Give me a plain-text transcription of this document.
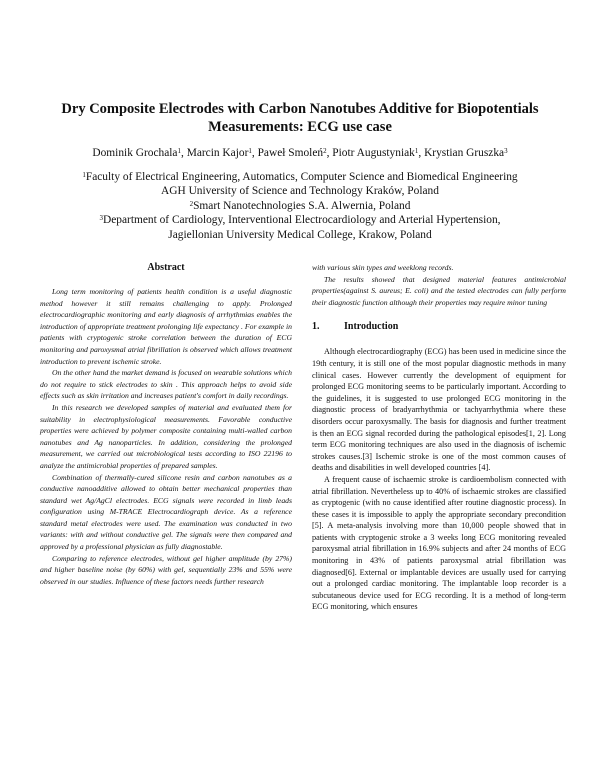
Dry Composite Electrodes with Carbon Nanotubes Additive for Biopotentials
Measurements: ECG use case
Dominik Grochala$^1$, Marcin Kajor$^1$, Paweł Smoleń$^2$, Piotr Augustyniak$^1$, Krystian Gruszka$^3$
$^1$Faculty of Electrical Engineering, Automatics, Computer Science and Biomedical Engineering
AGH University of Science and Technology Kraków, Poland
$^2$Smart Nanotechnologies S.A. Alwernia, Poland
$^3$Department of Cardiology, Interventional Electrocardiology and Arterial Hypertension,
Jagiellonian University Medical College, Krakow, Poland
Abstract

Long term monitoring of patients health condition is a useful diagnostic method however it still remains challenging to apply. Prolonged electrocardiographic monitoring and early diagnosis of arrhythmias enables the introduction of appropriate treatment prolonging life expectancy . For example in patients with cryptogenic stroke correlation between the duration of ECG monitoring and paroxysmal atrial fibrillation is observed which allows treatment introduction to prevent ischemic stroke.

On the other hand the market demand is focused on wearable solutions which do not require to stick electrodes to skin . This approach helps to avoid side effects such as skin irritation and increases patient's comfort in daily recordings.

In this research we developed samples of material and evaluated them for suitability in electrophysiological measurements. Favorable conductive properties were achieved by polymer composite containing multi-walled carbon nanotubes and Ag nanoparticles. In addition, considering the prolonged measurement, we carried out microbiological tests according to ISO 22196 to analyze the antimicrobial properties of prepared samples.

Combination of thermally-cured silicone resin and carbon nanotubes as a conductive nanoadditive allowed to obtain better mechanical properties than standard wet Ag/AgCl electrodes. ECG signals were recorded in limb leads configuration using M-TRACE Electrocardiograph device. As a reference standard metal electrodes were used. The examination was conducted in two variants: with and without conductive gel. The signals were then compared and approved by a professional physician as fully diagnostable.

Comparing to reference electrodes, without gel higher amplitude (by 27%) and higher baseline noise (by 60%) with gel, sequentially 23% and 55% were observed in our studies. Influence of these factors needs further research

with various skin types and weeklong records.

The results showed that designed material features antimicrobial properties(against S. aureus; E. coli) and the tested electrodes can fully perform their diagnostic function although their properties may require minor tuning

1.	Introduction

Although electrocardiography (ECG) has been used in medicine since the 19th century, it is still one of the most popular diagnostic methods in many clinical cases. However currently the development of equipment for prolonged ECG monitoring seems to be particularly important. According to the guidelines, it is suggested to use prolonged ECG monitoring in the diagnostic process of bradyarrhythmia or tachyarrhythmia where these disorders occur paroxysmally. The basis for diagnosis and further treatment is then an ECG signal recorded during the pathological episodes[1, 2]. Long term ECG monitoring techniques are also used in the diagnosis of ischemic strokes causes.[3] Ischemic stroke is one of the most common causes of deaths and disabilities in well developed countries [4].

A frequent cause of ischaemic stroke is cardioembolism connected with atrial fibrillation. Nevertheless up to 40% of ischaemic strokes are classified as cryptogenic (with no cause identified after routine diagnostic process). In these cases it is impossible to apply the appropriate secondary precondition [5]. A meta-analysis involving more than 10,000 people showed that in patients with cryptogenic stroke a 3 weeks long ECG monitoring revealed paroxysmal atrial fibrillation in 16.9% subjects and after 24 months of ECG monitoring in 43% of patients paroxysmal atrial fibrillation was diagnosed[6]. External or implantable devices are usually used for carrying out a prolonged cardiac monitoring. The implantable loop recorder is a subcutaneous device used for ECG recording. It is a method of long-term ECG monitoring, which ensures
